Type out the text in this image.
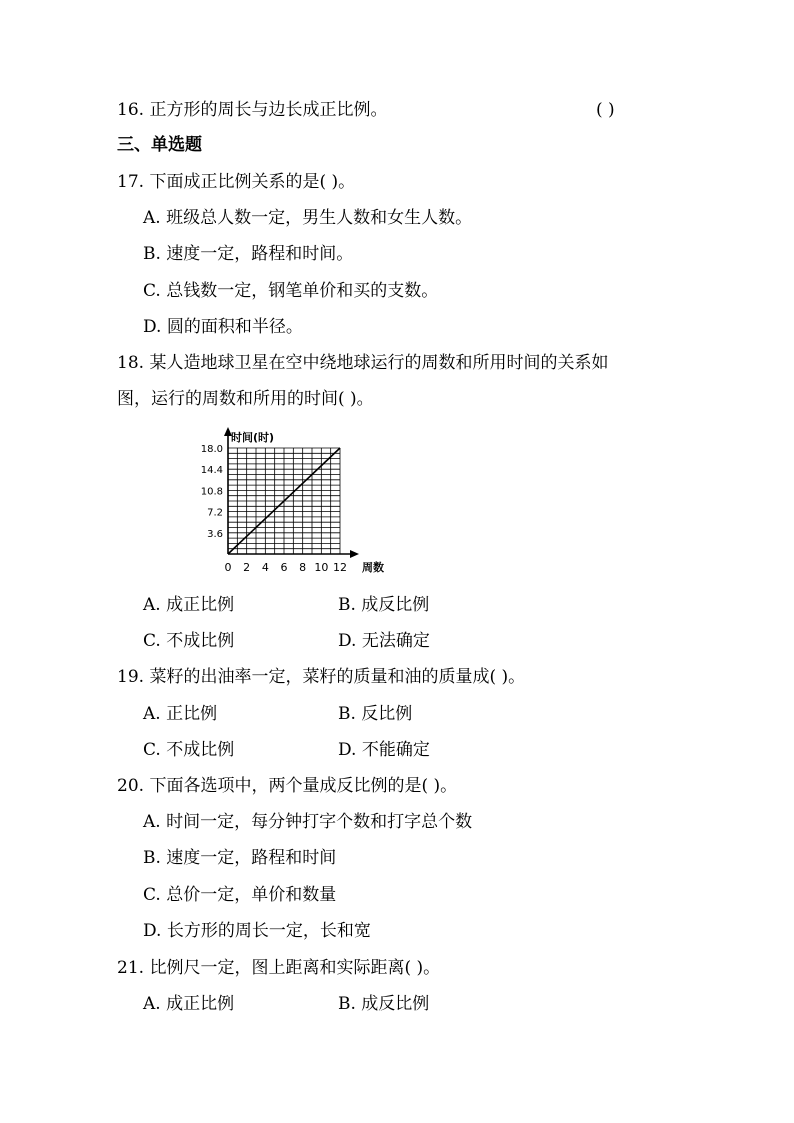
16. 正方形的周长与边长成正比例。	( )
三、单选题
17. 下面成正比例关系的是( )。
A. 班级总人数一定，男生人数和女生人数。
B. 速度一定，路程和时间。
C. 总钱数一定，钢笔单价和买的支数。
D. 圆的面积和半径。
18. 某人造地球卫星在空中绕地球运行的周数和所用时间的关系如
图，运行的周数和所用的时间( )。
时间(时)
周数
3.6
7.2
10.8
14.4
18.0
0 2 4 6 8 10 12
A. 成正比例	B. 成反比例
C. 不成比例	D. 无法确定
19. 菜籽的出油率一定，菜籽的质量和油的质量成( )。
A. 正比例	B. 反比例
C. 不成比例	D. 不能确定
20. 下面各选项中，两个量成反比例的是( )。
A. 时间一定，每分钟打字个数和打字总个数
B. 速度一定，路程和时间
C. 总价一定，单价和数量
D. 长方形的周长一定，长和宽
21. 比例尺一定，图上距离和实际距离( )。
A. 成正比例	B. 成反比例
